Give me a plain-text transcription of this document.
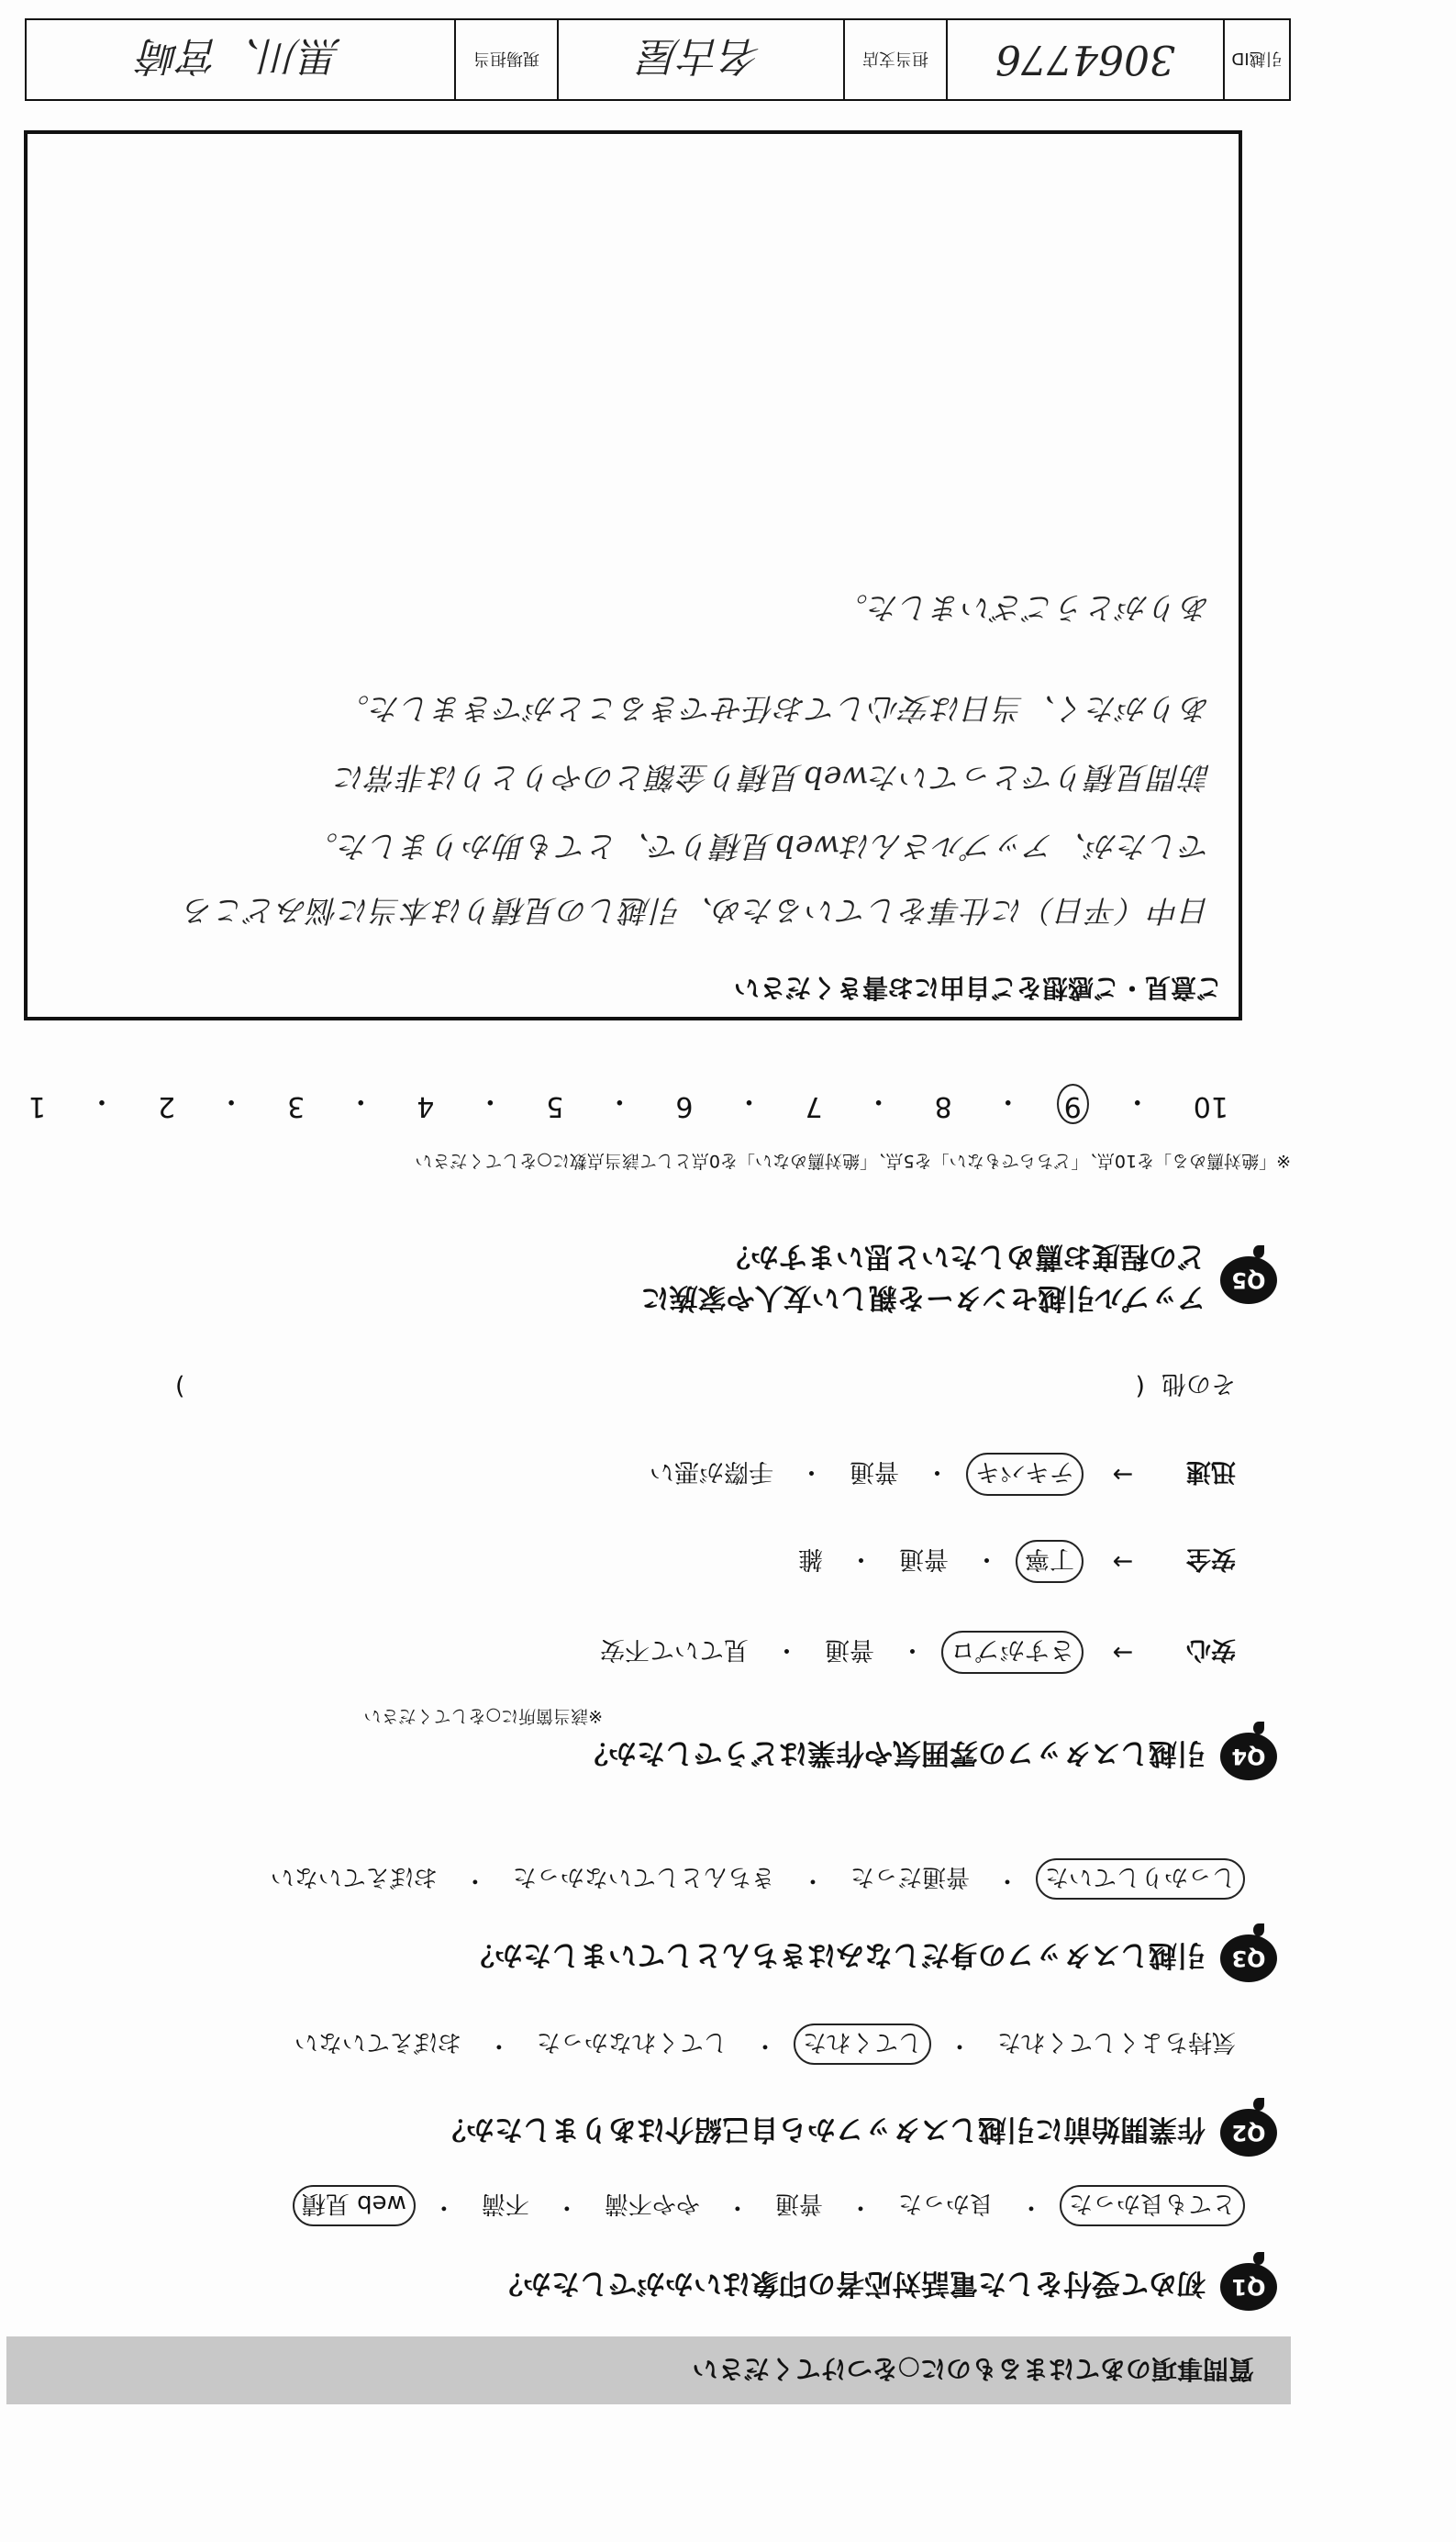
質問事項のあてはまるものに○をつけてください
Q1
初めて受付をした電話対応者の印象はいかがでしたか？
とても良かった
・
良かった
・
普通
・
やや不満
・
不満
・
web 見積
Q2
作業開始前に引越しスタッフから自己紹介はありましたか？
気持ちよくしてくれた
・
してくれた
・
してくれなかった
・
おぼえていない
Q3
引越しスタッフの身だしなみはきちんとしていましたか？
しっかりしていた
・
普通だった
・
きちんとしていなかった
・
おぼえていない
Q4
引越しスタッフの雰囲気や作業はどうでしたか？
※該当箇所に○をしてください
安心
→
さすがプロ
・
普通
・
見ていて不安
安全
→
丁寧
・
普通
・
雑
迅速
→
テキパキ
・
普通
・
手際が悪い
その他
(
)
Q5
アップル引越センターを親しい友人や家族に
どの程度お薦めしたいと思いますか？
※「絶対薦める」を10点、「どちらでもない」を5点、「絶対薦めない」を0点として該当点数に○をしてください
10
・
9
・
8
・
7
・
6
・
5
・
4
・
3
・
2
・
1
ご意見・ご感想をご自由にお書きください
日中（平日）に仕事をしているため、引越しの見積りは本当に悩みどころ
でしたが、アップルさんはweb見積りで、とても助かりました。
訪問見積りでとっていたweb見積り金額とのやりとりは非常に
ありがたく、当日は安心してお任せできることができました。
ありがとうございました。
引越ID
3064776
担当支店
名古屋
現場担当
黒川、宮崎
